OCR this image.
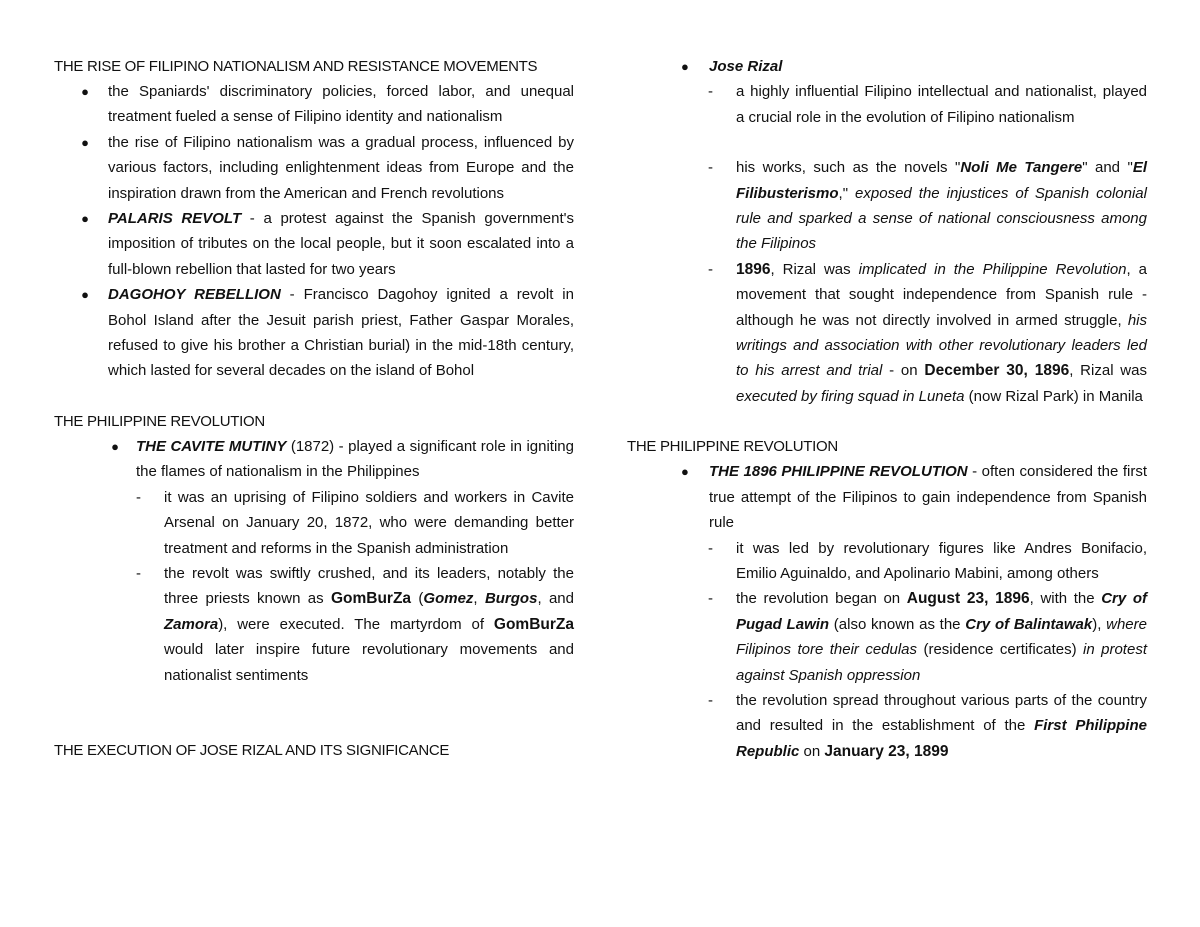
THE RISE OF FILIPINO NATIONALISM AND RESISTANCE MOVEMENTS
● the Spaniards' discriminatory policies, forced labor, and unequal treatment fueled a sense of Filipino identity and nationalism
● the rise of Filipino nationalism was a gradual process, influenced by various factors, including enlightenment ideas from Europe and the inspiration drawn from the American and French revolutions
● PALARIS REVOLT - a protest against the Spanish government's imposition of tributes on the local people, but it soon escalated into a full-blown rebellion that lasted for two years
● DAGOHOY REBELLION - Francisco Dagohoy ignited a revolt in Bohol Island after the Jesuit parish priest, Father Gaspar Morales, refused to give his brother a Christian burial) in the mid-18th century, which lasted for several decades on the island of Bohol
THE PHILIPPINE REVOLUTION
● THE CAVITE MUTINY (1872) - played a significant role in igniting the flames of nationalism in the Philippines
- it was an uprising of Filipino soldiers and workers in Cavite Arsenal on January 20, 1872, who were demanding better treatment and reforms in the Spanish administration
- the revolt was swiftly crushed, and its leaders, notably the three priests known as GomBurZa (Gomez, Burgos, and Zamora), were executed. The martyrdom of GomBurZa would later inspire future revolutionary movements and nationalist sentiments
THE EXECUTION OF JOSE RIZAL AND ITS SIGNIFICANCE
● Jose Rizal
- a highly influential Filipino intellectual and nationalist, played a crucial role in the evolution of Filipino nationalism
- his works, such as the novels "Noli Me Tangere" and "El Filibusterismo," exposed the injustices of Spanish colonial rule and sparked a sense of national consciousness among the Filipinos
- 1896, Rizal was implicated in the Philippine Revolution, a movement that sought independence from Spanish rule - although he was not directly involved in armed struggle, his writings and association with other revolutionary leaders led to his arrest and trial - on December 30, 1896, Rizal was executed by firing squad in Luneta (now Rizal Park) in Manila
THE PHILIPPINE REVOLUTION
● THE 1896 PHILIPPINE REVOLUTION - often considered the first true attempt of the Filipinos to gain independence from Spanish rule
- it was led by revolutionary figures like Andres Bonifacio, Emilio Aguinaldo, and Apolinario Mabini, among others
- the revolution began on August 23, 1896, with the Cry of Pugad Lawin (also known as the Cry of Balintawak), where Filipinos tore their cedulas (residence certificates) in protest against Spanish oppression
- the revolution spread throughout various parts of the country and resulted in the establishment of the First Philippine Republic on January 23, 1899
